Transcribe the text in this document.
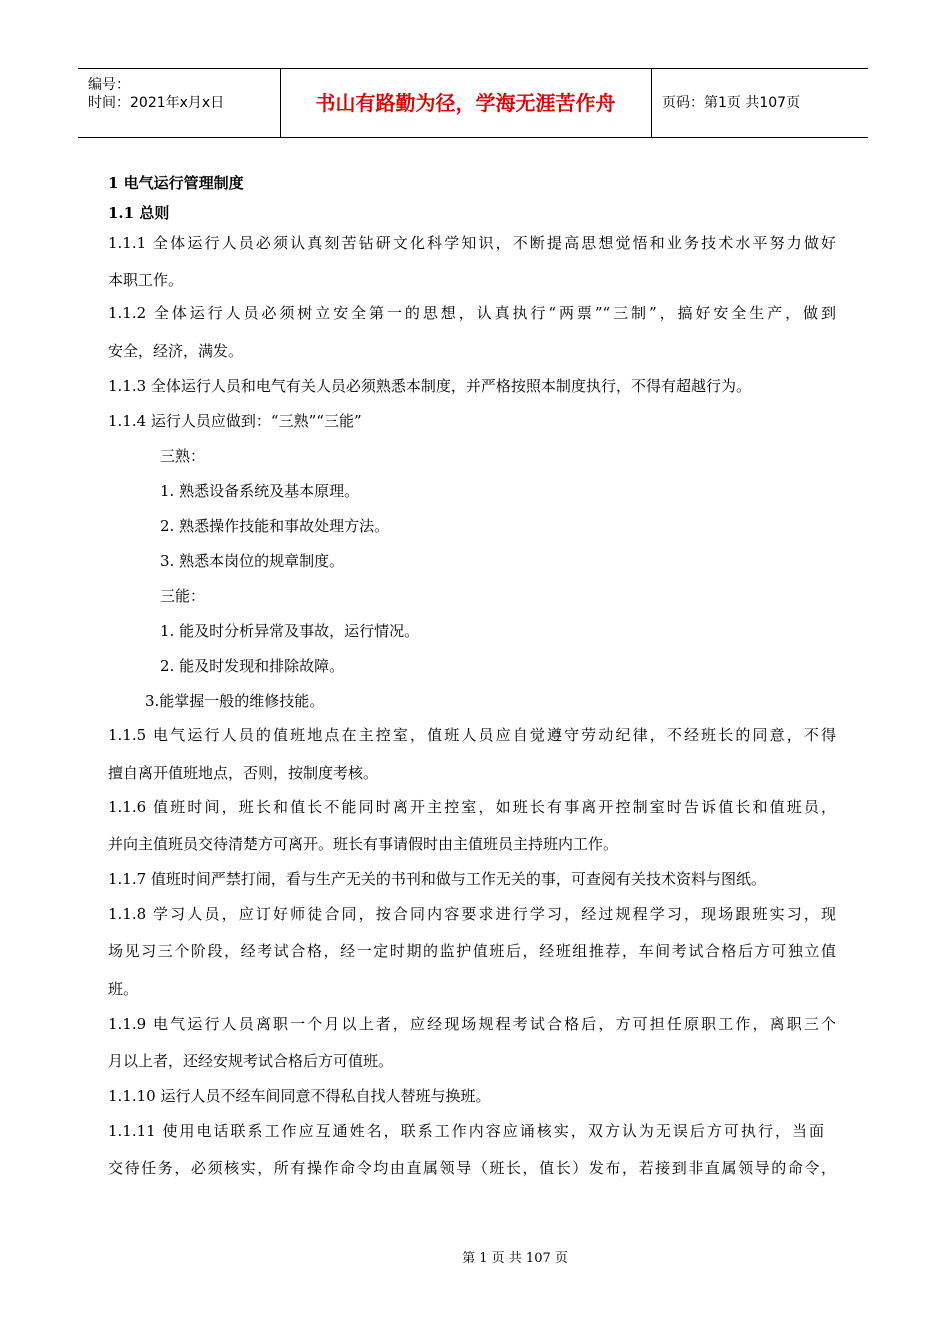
编号：
时间：2021年x月x日	书山有路勤为径，学海无涯苦作舟	页码：第1页 共107页
1 电气运行管理制度
1.1 总则
1.1.1 全体运行人员必须认真刻苦钻研文化科学知识，不断提高思想觉悟和业务技术水平努力做好
本职工作。
1.1.2 全体运行人员必须树立安全第一的思想，认真执行“两票”“三制”，搞好安全生产，做到
安全，经济，满发。
1.1.3 全体运行人员和电气有关人员必须熟悉本制度，并严格按照本制度执行，不得有超越行为。
1.1.4 运行人员应做到：“三熟”“三能”
三熟：
1. 熟悉设备系统及基本原理。
2. 熟悉操作技能和事故处理方法。
3. 熟悉本岗位的规章制度。
三能：
1. 能及时分析异常及事故，运行情况。
2. 能及时发现和排除故障。
3.能掌握一般的维修技能。
1.1.5 电气运行人员的值班地点在主控室，值班人员应自觉遵守劳动纪律，不经班长的同意，不得
擅自离开值班地点，否则，按制度考核。
1.1.6 值班时间，班长和值长不能同时离开主控室，如班长有事离开控制室时告诉值长和值班员，
并向主值班员交待清楚方可离开。班长有事请假时由主值班员主持班内工作。
1.1.7 值班时间严禁打闹，看与生产无关的书刊和做与工作无关的事，可查阅有关技术资料与图纸。
1.1.8 学习人员，应订好师徒合同，按合同内容要求进行学习，经过规程学习，现场跟班实习，现
场见习三个阶段，经考试合格，经一定时期的监护值班后，经班组推荐，车间考试合格后方可独立值
班。
1.1.9 电气运行人员离职一个月以上者，应经现场规程考试合格后，方可担任原职工作，离职三个
月以上者，还经安规考试合格后方可值班。
1.1.10 运行人员不经车间同意不得私自找人替班与换班。
1.1.11 使用电话联系工作应互通姓名，联系工作内容应诵核实，双方认为无误后方可执行，当面
交待任务，必须核实，所有操作命令均由直属领导（班长，值长）发布，若接到非直属领导的命令，
第 1 页 共 107 页
